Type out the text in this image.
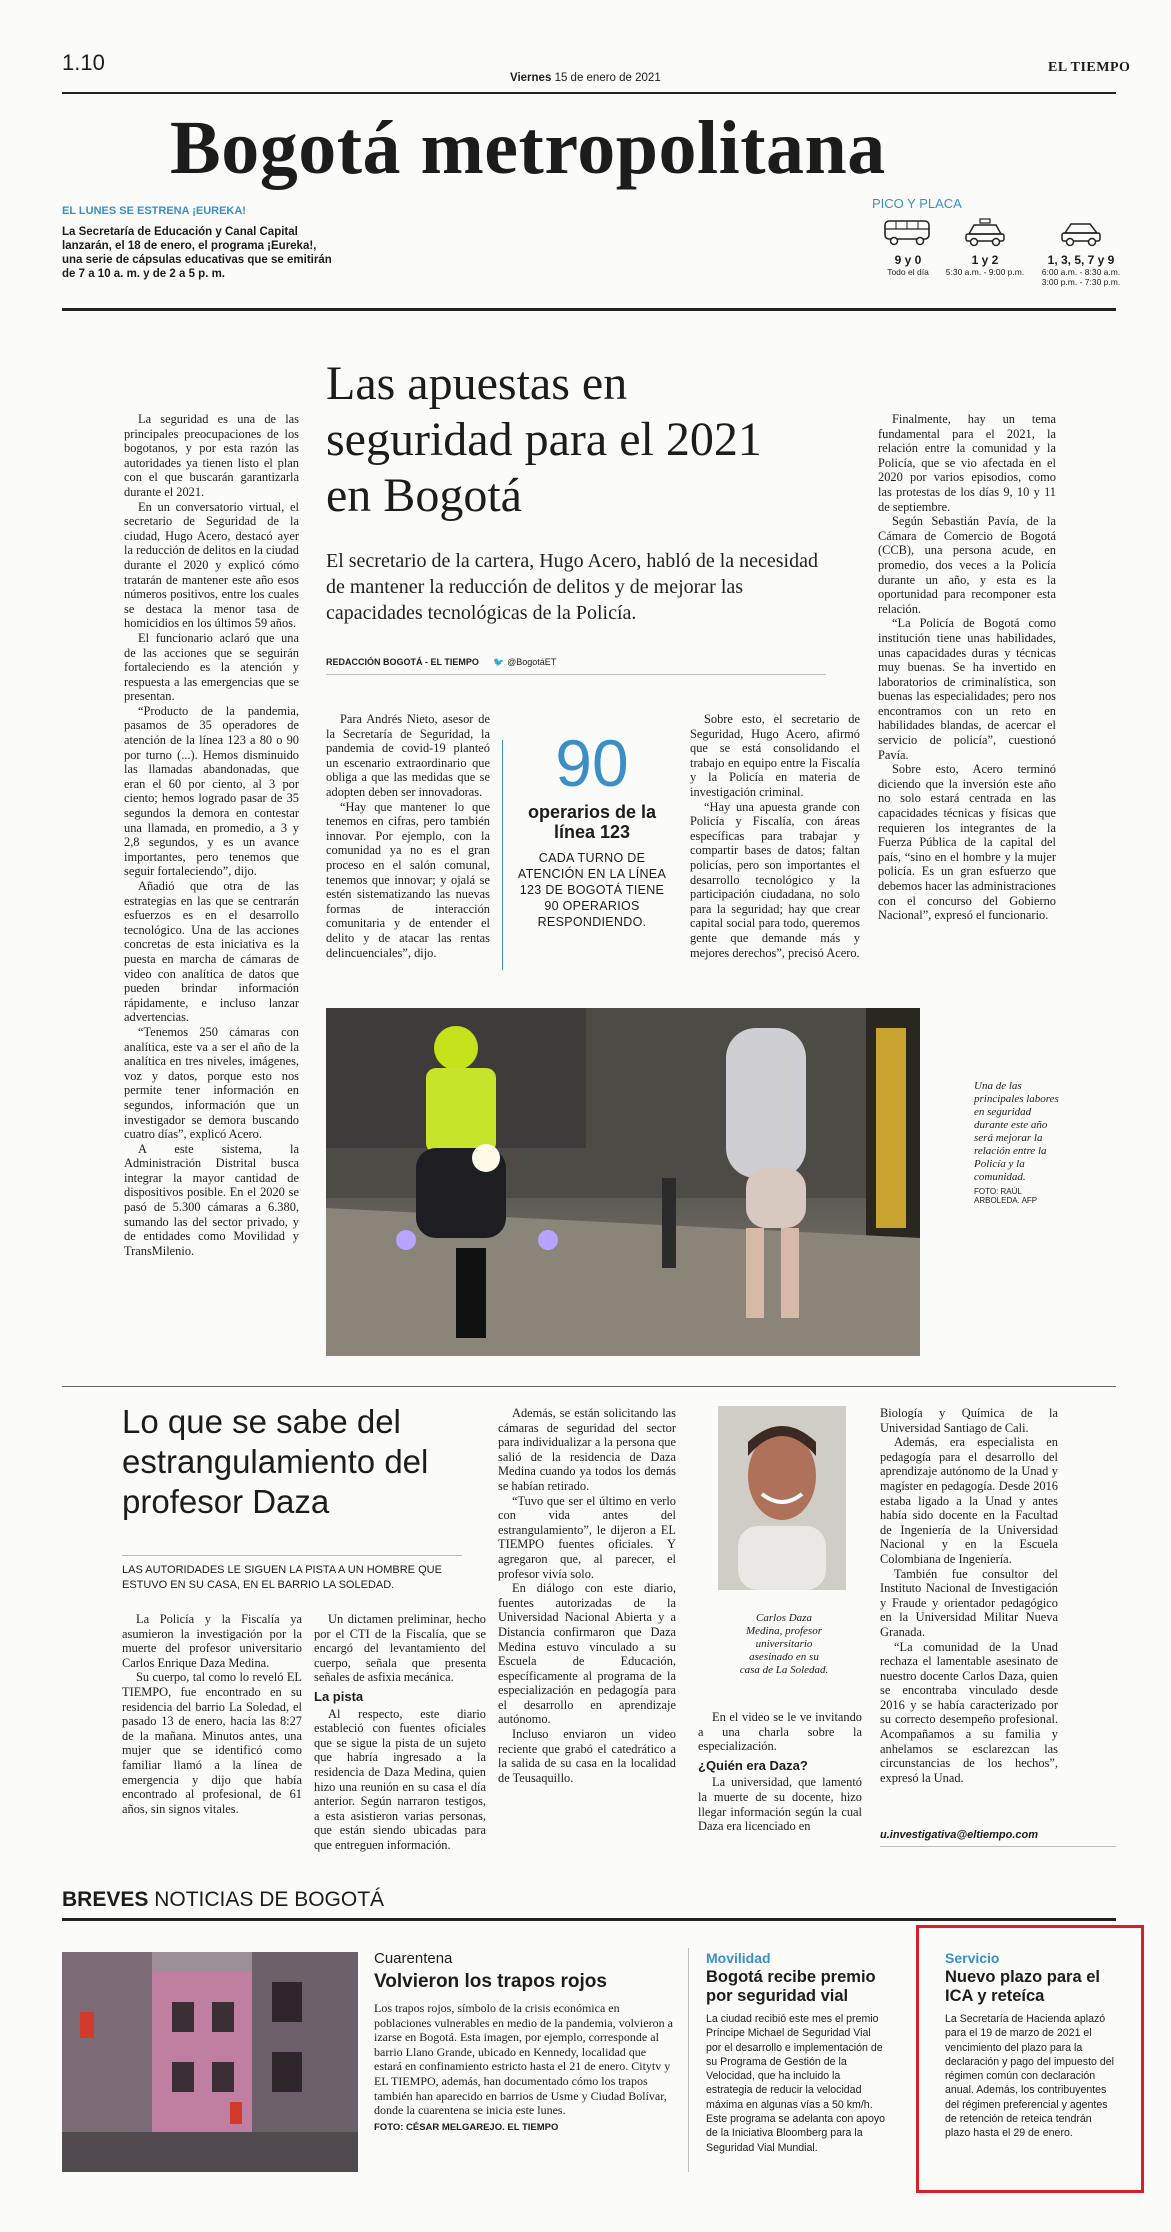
1.10
Viernes 15 de enero de 2021
EL TIEMPO
Bogotá metropolitana
EL LUNES SE ESTRENA ¡EUREKA!
La Secretaría de Educación y Canal Capital lanzarán, el 18 de enero, el programa ¡Eureka!, una serie de cápsulas educativas que se emitirán de 7 a 10 a. m. y de 2 a 5 p. m.
PICO Y PLACA
9 y 0
Todo el día
1 y 2
5:30 a.m. - 9:00 p.m.
1, 3, 5, 7 y 9
6:00 a.m. - 8:30 a.m.
3:00 p.m. - 7:30 p.m.
Las apuestas en seguridad para el 2021 en Bogotá
El secretario de la cartera, Hugo Acero, habló de la necesidad de mantener la reducción de delitos y de mejorar las capacidades tecnológicas de la Policía.
REDACCIÓN BOGOTÁ - EL TIEMPO 🐦 @BogotáET

La seguridad es una de las principales preocupaciones de los bogotanos, y por esta razón las autoridades ya tienen listo el plan con el que buscarán garantizarla durante el 2021.

En un conversatorio virtual, el secretario de Seguridad de la ciudad, Hugo Acero, destacó ayer la reducción de delitos en la ciudad durante el 2020 y explicó cómo tratarán de mantener este año esos números positivos, entre los cuales se destaca la menor tasa de homicidios en los últimos 59 años.

El funcionario aclaró que una de las acciones que se seguirán fortaleciendo es la atención y respuesta a las emergencias que se presentan.

“Producto de la pandemia, pasamos de 35 operadores de atención de la línea 123 a 80 o 90 por turno (...). Hemos disminuido las llamadas abandonadas, que eran el 60 por ciento, al 3 por ciento; hemos logrado pasar de 35 segundos la demora en contestar una llamada, en promedio, a 3 y 2,8 segundos, y es un avance importantes, pero tenemos que seguir fortaleciendo”, dijo.

Añadió que otra de las estrategias en las que se centrarán esfuerzos es en el desarrollo tecnológico. Una de las acciones concretas de esta iniciativa es la puesta en marcha de cámaras de video con analítica de datos que pueden brindar información rápidamente, e incluso lanzar advertencias.

“Tenemos 250 cámaras con analítica, este va a ser el año de la analítica en tres niveles, imágenes, voz y datos, porque esto nos permite tener información en segundos, información que un investigador se demora buscando cuatro días”, explicó Acero.

A este sistema, la Administración Distrital busca integrar la mayor cantidad de dispositivos posible. En el 2020 se pasó de 5.300 cámaras a 6.380, sumando las del sector privado, y de entidades como Movilidad y TransMilenio.

Para Andrés Nieto, asesor de la Secretaría de Seguridad, la pandemia de covid-19 planteó un escenario extraordinario que obliga a que las medidas que se adopten deben ser innovadoras.

“Hay que mantener lo que tenemos en cifras, pero también innovar. Por ejemplo, con la comunidad ya no es el gran proceso en el salón comunal, tenemos que innovar; y ojalá se estén sistematizando las nuevas formas de interacción comunitaria y de entender el delito y de atacar las rentas delincuenciales”, dijo.

90
operarios de la línea 123
CADA TURNO DE ATENCIÓN EN LA LÍNEA 123 DE BOGOTÁ TIENE 90 OPERARIOS RESPONDIENDO.

Sobre esto, el secretario de Seguridad, Hugo Acero, afirmó que se está consolidando el trabajo en equipo entre la Fiscalía y la Policía en materia de investigación criminal.

“Hay una apuesta grande con Policía y Fiscalía, con áreas específicas para trabajar y compartir bases de datos; faltan policías, pero son importantes el desarrollo tecnológico y la participación ciudadana, no solo para la seguridad; hay que crear capital social para todo, queremos gente que demande más y mejores derechos”, precisó Acero.

Finalmente, hay un tema fundamental para el 2021, la relación entre la comunidad y la Policía, que se vio afectada en el 2020 por varios episodios, como las protestas de los días 9, 10 y 11 de septiembre.

Según Sebastián Pavía, de la Cámara de Comercio de Bogotá (CCB), una persona acude, en promedio, dos veces a la Policía durante un año, y esta es la oportunidad para recomponer esta relación.

“La Policía de Bogotá como institución tiene unas habilidades, unas capacidades duras y técnicas muy buenas. Se ha invertido en laboratorios de criminalística, son buenas las especialidades; pero nos encontramos con un reto en habilidades blandas, de acercar el servicio de policía”, cuestionó Pavía.

Sobre esto, Acero terminó diciendo que la inversión este año no solo estará centrada en las capacidades técnicas y físicas que requieren los integrantes de la Fuerza Pública de la capital del país, “sino en el hombre y la mujer policía. Es un gran esfuerzo que debemos hacer las administraciones con el concurso del Gobierno Nacional”, expresó el funcionario.

Una de las principales labores en seguridad durante este año será mejorar la relación entre la Policía y la comunidad.
FOTO: RAÚL ARBOLEDA. AFP
Lo que se sabe del estrangulamiento del profesor Daza
LAS AUTORIDADES LE SIGUEN LA PISTA A UN HOMBRE QUE ESTUVO EN SU CASA, EN EL BARRIO LA SOLEDAD.

La Policía y la Fiscalía ya asumieron la investigación por la muerte del profesor universitario Carlos Enrique Daza Medina.

Su cuerpo, tal como lo reveló EL TIEMPO, fue encontrado en su residencia del barrio La Soledad, el pasado 13 de enero, hacia las 8:27 de la mañana. Minutos antes, una mujer que se identificó como familiar llamó a la línea de emergencia y dijo que había encontrado al profesional, de 61 años, sin signos vitales.

Un dictamen preliminar, hecho por el CTI de la Fiscalía, que se encargó del levantamiento del cuerpo, señala que presenta señales de asfixia mecánica.

La pista

Al respecto, este diario estableció con fuentes oficiales que se sigue la pista de un sujeto que habría ingresado a la residencia de Daza Medina, quien hizo una reunión en su casa el día anterior. Según narraron testigos, a esta asistieron varias personas, que están siendo ubicadas para que entreguen información.

Además, se están solicitando las cámaras de seguridad del sector para individualizar a la persona que salió de la residencia de Daza Medina cuando ya todos los demás se habían retirado.

“Tuvo que ser el último en verlo con vida antes del estrangulamiento”, le dijeron a EL TIEMPO fuentes oficiales. Y agregaron que, al parecer, el profesor vivía solo.

En diálogo con este diario, fuentes autorizadas de la Universidad Nacional Abierta y a Distancia confirmaron que Daza Medina estuvo vinculado a su Escuela de Educación, específicamente al programa de la especialización en pedagogía para el desarrollo en aprendizaje autónomo.

Incluso enviaron un video reciente que grabó el catedrático a la salida de su casa en la localidad de Teusaquillo.

Carlos Daza Medina, profesor universitario asesinado en su casa de La Soledad.

En el video se le ve invitando a una charla sobre la especialización.

¿Quién era Daza?

La universidad, que lamentó la muerte de su docente, hizo llegar información según la cual Daza era licenciado en

Biología y Química de la Universidad Santiago de Cali.

Además, era especialista en pedagogía para el desarrollo del aprendizaje autónomo de la Unad y magíster en pedagogía. Desde 2016 estaba ligado a la Unad y antes había sido docente en la Facultad de Ingeniería de la Universidad Nacional y en la Escuela Colombiana de Ingeniería.

También fue consultor del Instituto Nacional de Investigación y Fraude y orientador pedagógico en la Universidad Militar Nueva Granada.

“La comunidad de la Unad rechaza el lamentable asesinato de nuestro docente Carlos Daza, quien se encontraba vinculado desde 2016 y se había caracterizado por su correcto desempeño profesional. Acompañamos a su familia y anhelamos se esclarezcan las circunstancias de los hechos”, expresó la Unad.

u.investigativa@eltiempo.com
BREVES NOTICIAS DE BOGOTÁ
Cuarentena
Volvieron los trapos rojos
Los trapos rojos, símbolo de la crisis económica en poblaciones vulnerables en medio de la pandemia, volvieron a izarse en Bogotá. Esta imagen, por ejemplo, corresponde al barrio Llano Grande, ubicado en Kennedy, localidad que estará en confinamiento estricto hasta el 21 de enero. Citytv y EL TIEMPO, además, han documentado cómo los trapos también han aparecido en barrios de Usme y Ciudad Bolívar, donde la cuarentena se inicia este lunes.
FOTO: CÉSAR MELGAREJO. EL TIEMPO
Movilidad
Bogotá recibe premio por seguridad vial
La ciudad recibió este mes el premio Príncipe Michael de Seguridad Vial por el desarrollo e implementación de su Programa de Gestión de la Velocidad, que ha incluido la estrategia de reducir la velocidad máxima en algunas vías a 50 km/h. Este programa se adelanta con apoyo de la Iniciativa Bloomberg para la Seguridad Vial Mundial.
Servicio
Nuevo plazo para el ICA y reteíca
La Secretaría de Hacienda aplazó para el 19 de marzo de 2021 el vencimiento del plazo para la declaración y pago del impuesto del régimen común con declaración anual. Además, los contribuyentes del régimen preferencial y agentes de retención de reteica tendrán plazo hasta el 29 de enero.
